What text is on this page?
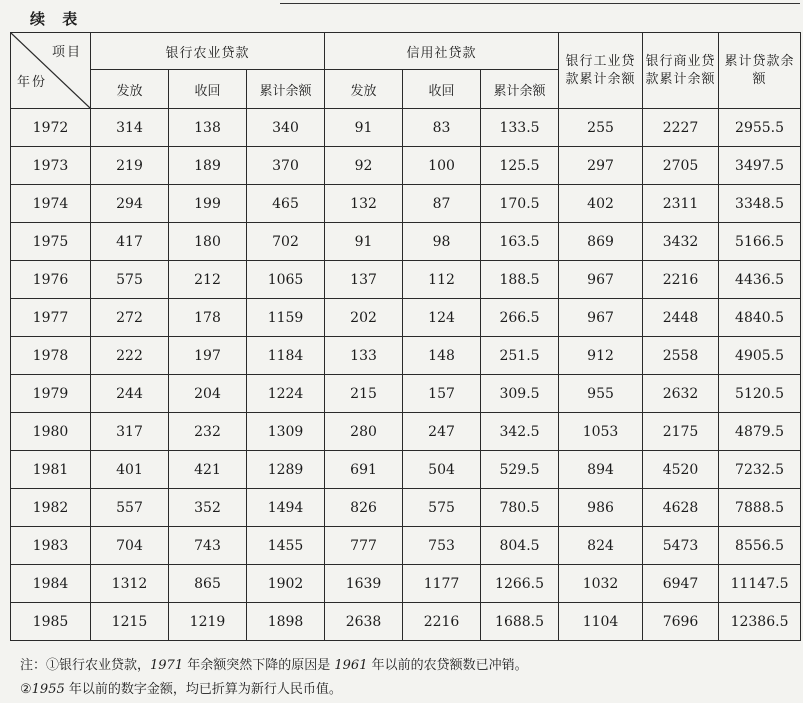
续 表
项目
年份	银行农业贷款			信用社贷款			银行工业贷款累计余额	银行商业贷款累计余额	累计贷款余 额
	发放	收回	累计余额	发放	收回	累计余额			
1972	314	138	340	91	83	133.5	255	2227	2955.5
1973	219	189	370	92	100	125.5	297	2705	3497.5
1974	294	199	465	132	87	170.5	402	2311	3348.5
1975	417	180	702	91	98	163.5	869	3432	5166.5
1976	575	212	1065	137	112	188.5	967	2216	4436.5
1977	272	178	1159	202	124	266.5	967	2448	4840.5
1978	222	197	1184	133	148	251.5	912	2558	4905.5
1979	244	204	1224	215	157	309.5	955	2632	5120.5
1980	317	232	1309	280	247	342.5	1053	2175	4879.5
1981	401	421	1289	691	504	529.5	894	4520	7232.5
1982	557	352	1494	826	575	780.5	986	4628	7888.5
1983	704	743	1455	777	753	804.5	824	5473	8556.5
1984	1312	865	1902	1639	1177	1266.5	1032	6947	11147.5
1985	1215	1219	1898	2638	2216	1688.5	1104	7696	12386.5
注：①银行农业贷款，1971 年余额突然下降的原因是 1961 年以前的农贷额数已冲销。
②1955 年以前的数字金额，均已折算为新行人民币值。
